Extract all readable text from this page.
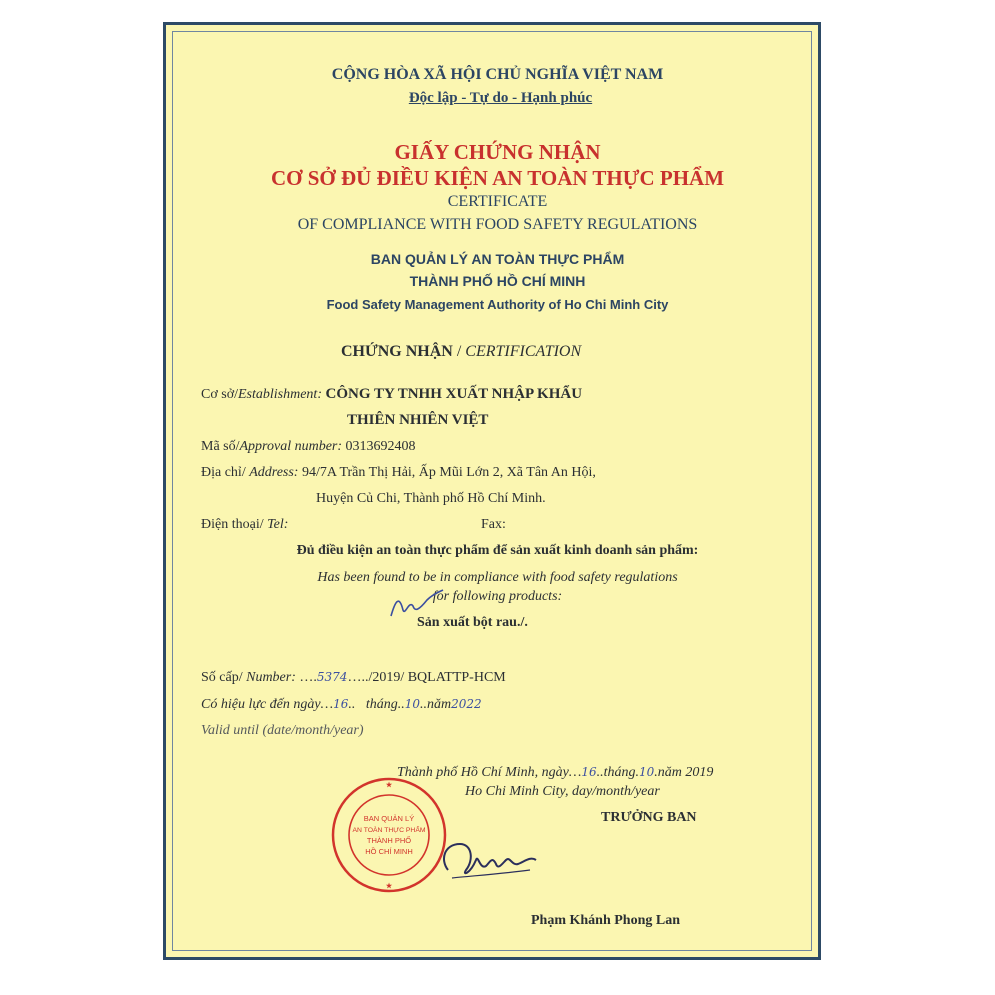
CỘNG HÒA XÃ HỘI CHỦ NGHĨA VIỆT NAM
Độc lập - Tự do - Hạnh phúc
GIẤY CHỨNG NHẬN
CƠ SỞ ĐỦ ĐIỀU KIỆN AN TOÀN THỰC PHẨM
CERTIFICATE
OF COMPLIANCE WITH FOOD SAFETY REGULATIONS
BAN QUẢN LÝ AN TOÀN THỰC PHẨM
THÀNH PHỐ HỒ CHÍ MINH
Food Safety Management Authority of Ho Chi Minh City
CHỨNG NHẬN / CERTIFICATION
Cơ sở/Establishment: CÔNG TY TNHH XUẤT NHẬP KHẨU
THIÊN NHIÊN VIỆT
Mã số/Approval number: 0313692408
Địa chỉ/ Address: 94/7A Trần Thị Hải, Ấp Mũi Lớn 2, Xã Tân An Hội,
Huyện Củ Chi, Thành phố Hồ Chí Minh.
Điện thoại/ Tel:	Fax:
Đủ điều kiện an toàn thực phẩm để sản xuất kinh doanh sản phẩm:
Has been found to be in compliance with food safety regulations
for following products:
Sản xuất bột rau./.
Số cấp/ Number: ….5374…../2019/ BQLATTP-HCM
Có hiệu lực đến ngày…16..   tháng..10..năm2022
Valid until (date/month/year)
Thành phố Hồ Chí Minh, ngày…16..tháng.10.năm 2019
Ho Chi Minh City, day/month/year
TRƯỞNG BAN
★
★
BAN QUẢN LÝ
AN TOÀN THỰC PHẨM
THÀNH PHỐ
HỒ CHÍ MINH
Phạm Khánh Phong Lan
